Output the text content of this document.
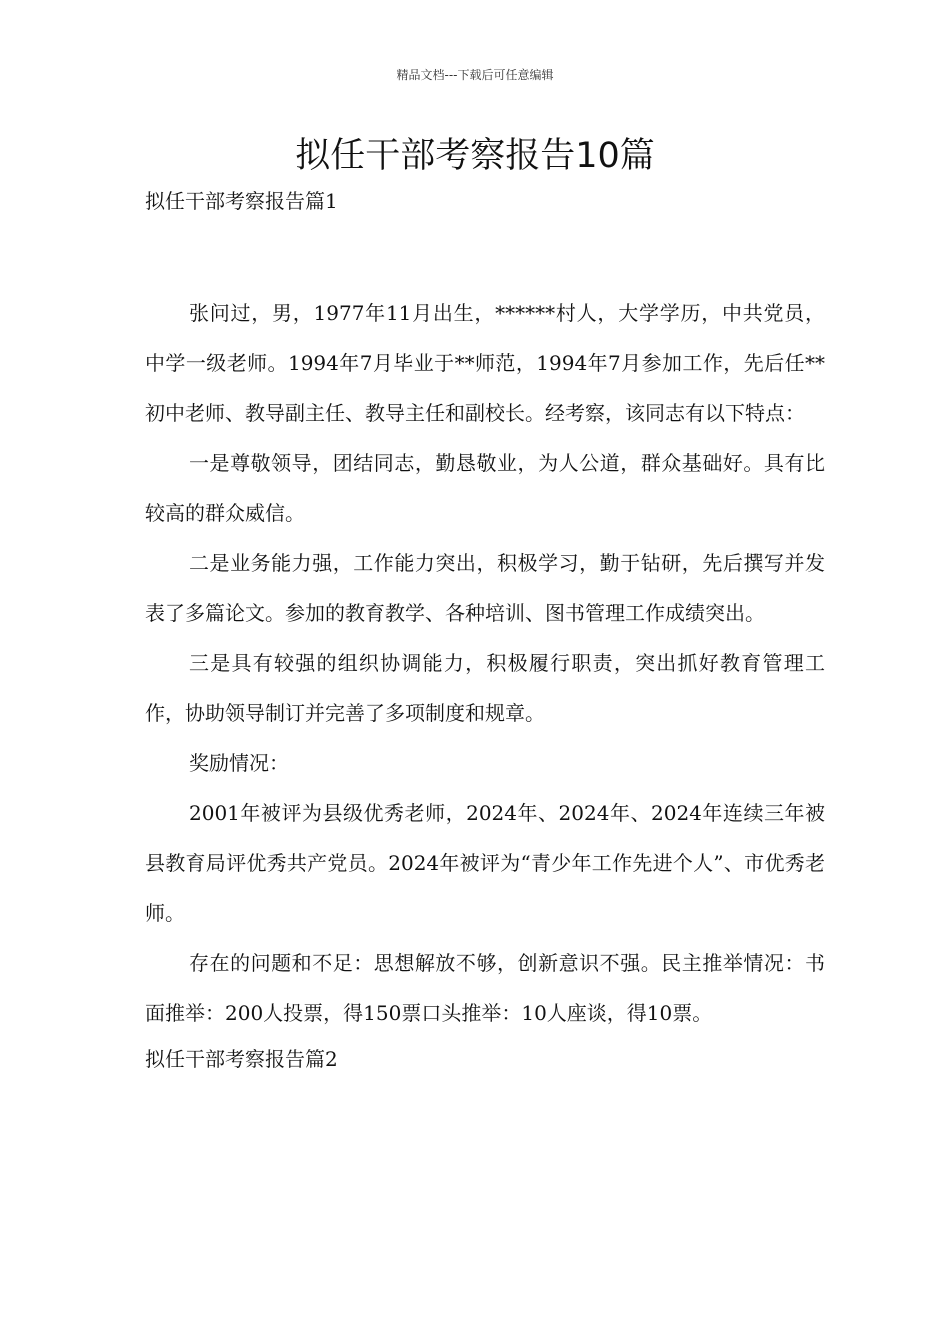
精品文档---下载后可任意编辑
拟任干部考察报告10篇

拟任干部考察报告篇1

张问过，男，1977年11月出生，******村人，大学学历，中共党员，中学一级老师。1994年7月毕业于**师范，1994年7月参加工作，先后任**初中老师、教导副主任、教导主任和副校长。经考察，该同志有以下特点：

一是尊敬领导，团结同志，勤恳敬业，为人公道，群众基础好。具有比较高的群众威信。

二是业务能力强，工作能力突出，积极学习，勤于钻研，先后撰写并发表了多篇论文。参加的教育教学、各种培训、图书管理工作成绩突出。

三是具有较强的组织协调能力，积极履行职责，突出抓好教育管理工作，协助领导制订并完善了多项制度和规章。

奖励情况：

2001年被评为县级优秀老师，2024年、2024年、2024年连续三年被县教育局评优秀共产党员。2024年被评为“青少年工作先进个人”、市优秀老师。

存在的问题和不足：思想解放不够，创新意识不强。民主推举情况：书面推举：200人投票，得150票口头推举：10人座谈，得10票。

拟任干部考察报告篇2
